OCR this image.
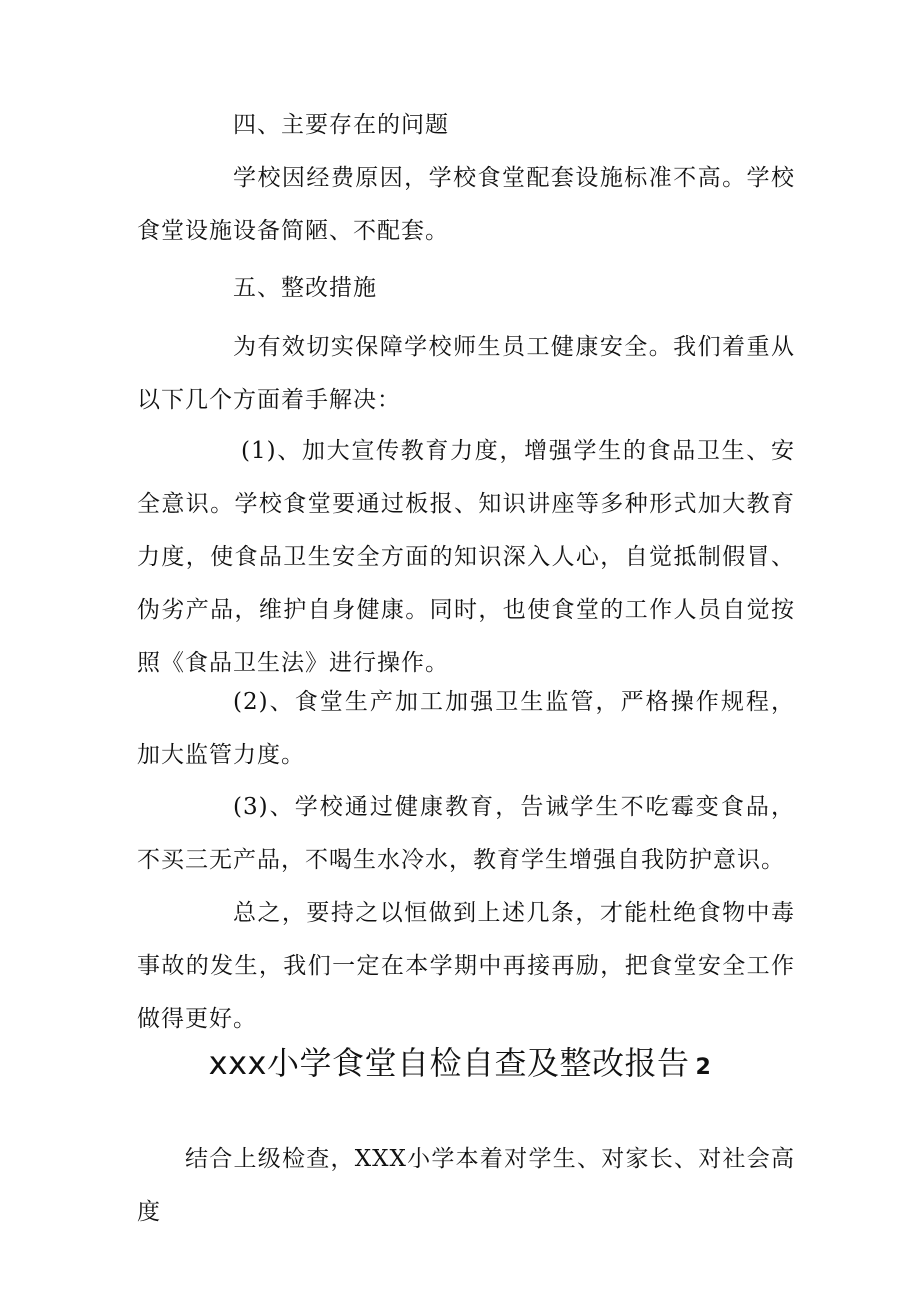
四、主要存在的问题

学校因经费原因，学校食堂配套设施标准不高。学校食堂设施设备简陋、不配套。

五、整改措施

为有效切实保障学校师生员工健康安全。我们着重从以下几个方面着手解决：

(1)、加大宣传教育力度，增强学生的食品卫生、安全意识。学校食堂要通过板报、知识讲座等多种形式加大教育力度，使食品卫生安全方面的知识深入人心，自觉抵制假冒、伪劣产品，维护自身健康。同时，也使食堂的工作人员自觉按照《食品卫生法》进行操作。

(2)、食堂生产加工加强卫生监管，严格操作规程，加大监管力度。

(3)、学校通过健康教育，告诫学生不吃霉变食品，不买三无产品，不喝生水冷水，教育学生增强自我防护意识。

总之，要持之以恒做到上述几条，才能杜绝食物中毒事故的发生，我们一定在本学期中再接再励，把食堂安全工作做得更好。

xxx小学食堂自检自查及整改报告 2

结合上级检查，XXX小学本着对学生、对家长、对社会高度
